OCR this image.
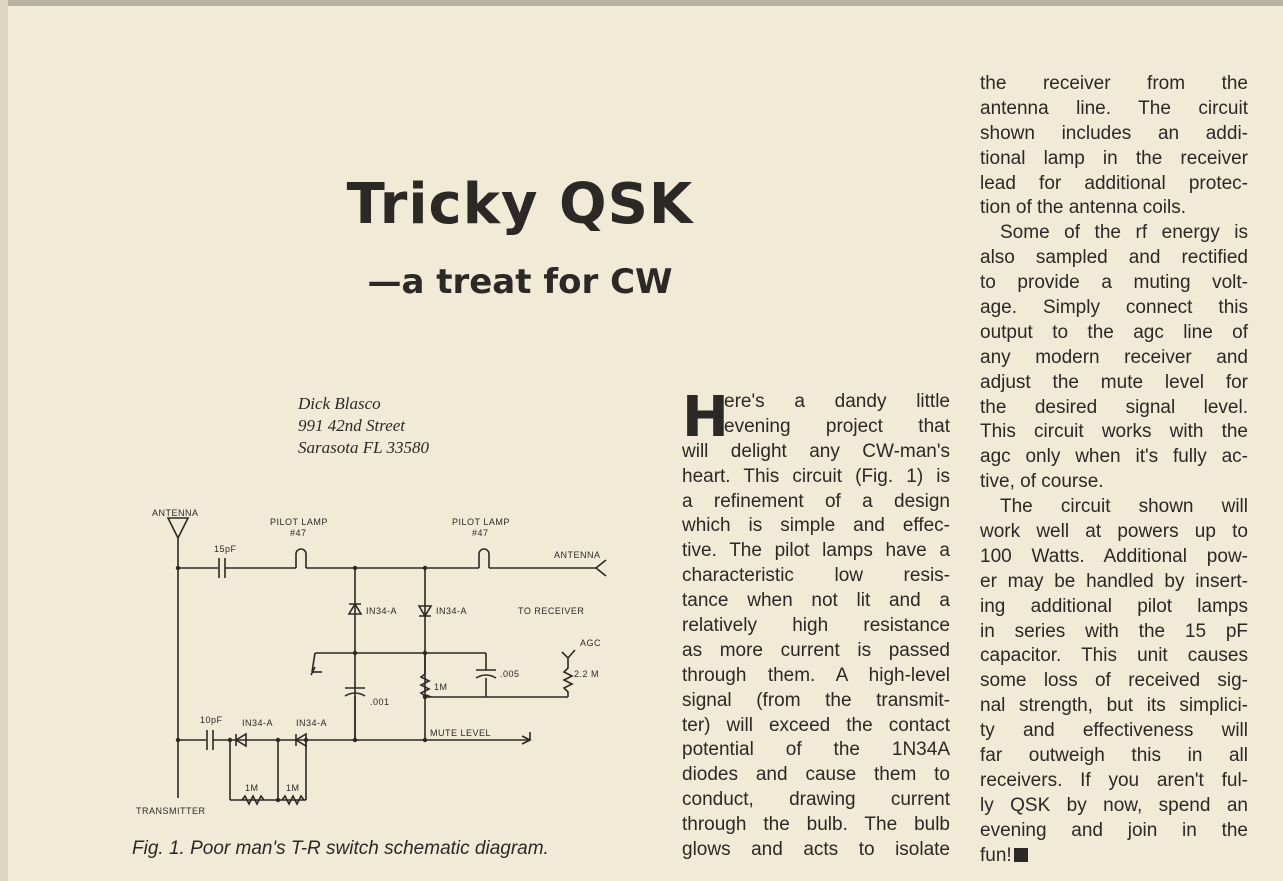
Tricky QSK
—a treat for CW
Dick Blasco
991 42nd Street
Sarasota FL 33580
ANTENNA
PILOT LAMP
#47
PILOT LAMP
#47
15pF
ANTENNA
IN34-A	IN34-A	TO RECEIVER
AGC
.005	2.2 M
1M
.001
10pF IN34-A	IN34-A
MUTE LEVEL
1M	1M
TRANSMITTER
Fig. 1. Poor man's T-R switch schematic diagram.
H
ere's a dandy little
evening project that
will delight any CW-man's
heart. This circuit (Fig. 1) is
a refinement of a design
which is simple and effec-
tive. The pilot lamps have a
characteristic low resis-
tance when not lit and a
relatively high resistance
as more current is passed
through them. A high-level
signal (from the transmit-
ter) will exceed the contact
potential of the 1N34A
diodes and cause them to
conduct, drawing current
through the bulb. The bulb
glows and acts to isolate
the receiver from the
antenna line. The circuit
shown includes an addi-
tional lamp in the receiver
lead for additional protec-
tion of the antenna coils.
Some of the rf energy is
also sampled and rectified
to provide a muting volt-
age. Simply connect this
output to the agc line of
any modern receiver and
adjust the mute level for
the desired signal level.
This circuit works with the
agc only when it's fully ac-
tive, of course.
The circuit shown will
work well at powers up to
100 Watts. Additional pow-
er may be handled by insert-
ing additional pilot lamps
in series with the 15 pF
capacitor. This unit causes
some loss of received sig-
nal strength, but its simplici-
ty and effectiveness will
far outweigh this in all
receivers. If you aren't ful-
ly QSK by now, spend an
evening and join in the
fun!
